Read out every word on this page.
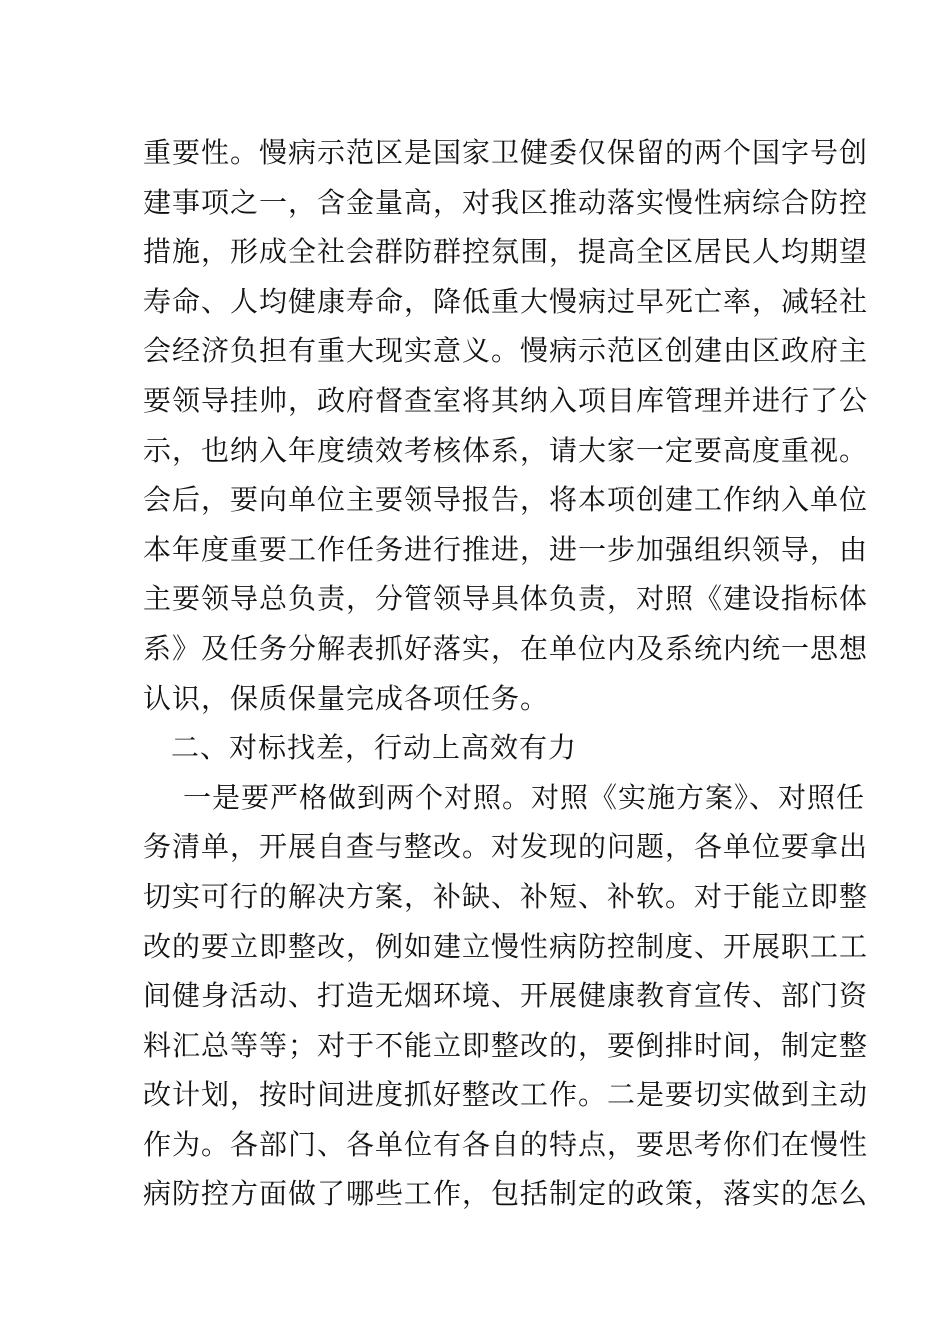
重要性。慢病示范区是国家卫健委仅保留的两个国字号创
建事项之一，含金量高，对我区推动落实慢性病综合防控
措施，形成全社会群防群控氛围，提高全区居民人均期望
寿命、人均健康寿命，降低重大慢病过早死亡率，减轻社
会经济负担有重大现实意义。慢病示范区创建由区政府主
要领导挂帅，政府督查室将其纳入项目库管理并进行了公
示，也纳入年度绩效考核体系，请大家一定要高度重视。
会后，要向单位主要领导报告，将本项创建工作纳入单位
本年度重要工作任务进行推进，进一步加强组织领导，由
主要领导总负责，分管领导具体负责，对照《建设指标体
系》及任务分解表抓好落实，在单位内及系统内统一思想
认识，保质保量完成各项任务。
二、对标找差，行动上高效有力
一是要严格做到两个对照。对照《实施方案》、对照任
务清单，开展自查与整改。对发现的问题，各单位要拿出
切实可行的解决方案，补缺、补短、补软。对于能立即整
改的要立即整改，例如建立慢性病防控制度、开展职工工
间健身活动、打造无烟环境、开展健康教育宣传、部门资
料汇总等等；对于不能立即整改的，要倒排时间，制定整
改计划，按时间进度抓好整改工作。二是要切实做到主动
作为。各部门、各单位有各自的特点，要思考你们在慢性
病防控方面做了哪些工作，包括制定的政策，落实的怎么
